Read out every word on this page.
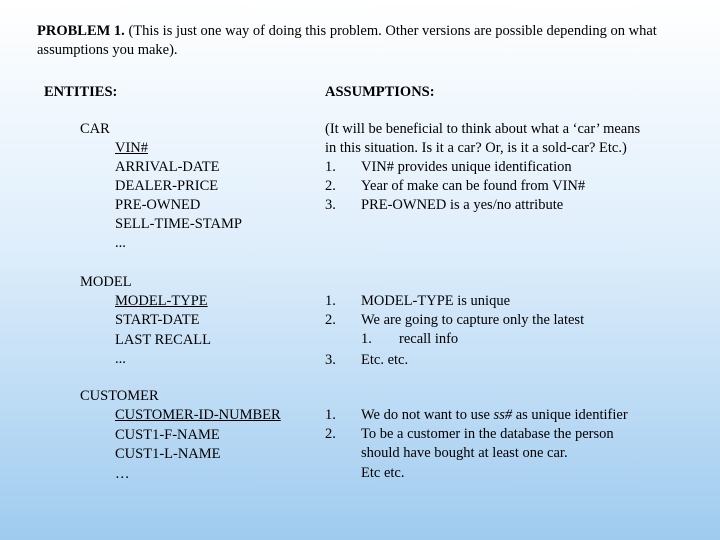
PROBLEM 1. (This is just one way of doing this problem. Other versions are possible depending on what assumptions you make).
ENTITIES:	ASSUMPTIONS:
CAR
VIN#
ARRIVAL-DATE
DEALER-PRICE
PRE-OWNED
SELL-TIME-STAMP
...
(It will be beneficial to think about what a ‘car’ means
in this situation. Is it a car? Or, is it a sold-car? Etc.)
1. VIN# provides unique identification
2. Year of make can be found from VIN#
3. PRE-OWNED is a yes/no attribute
MODEL
MODEL-TYPE
START-DATE
LAST RECALL
...
1. MODEL-TYPE is unique
2. We are going to capture only the latest
1. recall info
3. Etc. etc.
CUSTOMER
CUSTOMER-ID-NUMBER
CUST1-F-NAME
CUST1-L-NAME
…
1. We do not want to use ss# as unique identifier
2. To be a customer in the database the person
should have bought at least one car.
Etc etc.
